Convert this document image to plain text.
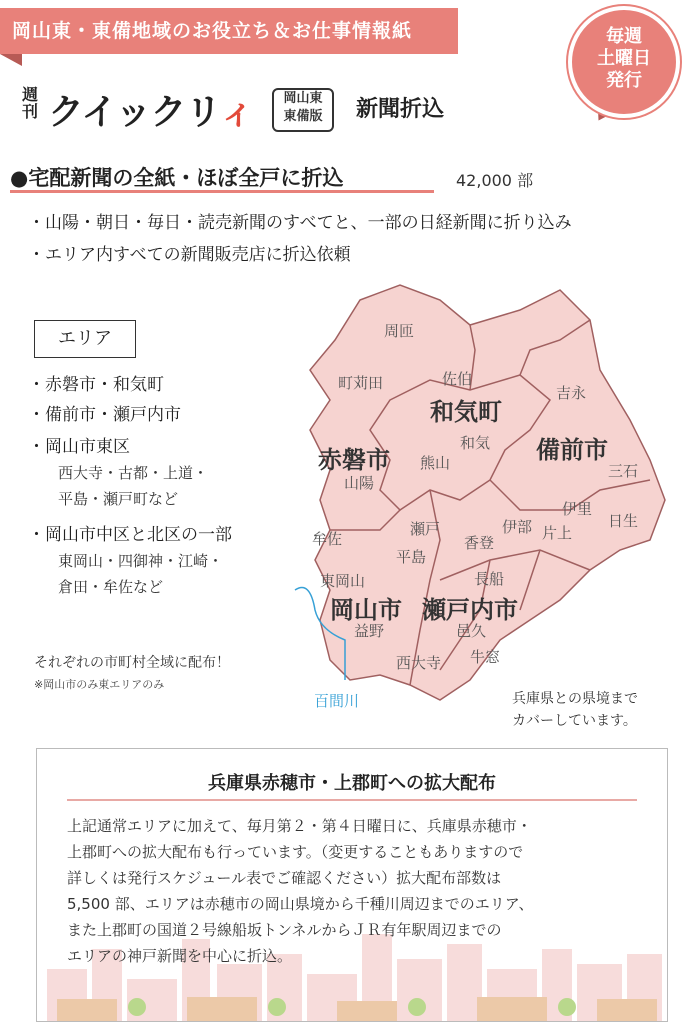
岡山東・東備地域のお役立ち＆お仕事情報紙	毎週
土曜日
発行
週刊 クイックリィ	岡山東
東備版	新聞折込
●宅配新聞の全紙・ほぼ全戸に折込	42,000 部
・山陽・朝日・毎日・読売新聞のすべてと、一部の日経新聞に折り込み
・エリア内すべての新聞販売店に折込依頼
エリア
・赤磐市・和気町
・備前市・瀬戸内市
・岡山市東区
西大寺・古都・上道・
平島・瀬戸町など
・岡山市中区と北区の一部
東岡山・四御神・江崎・
倉田・牟佐など
それぞれの市町村全域に配布！
※岡山市のみ東エリアのみ
和気町
赤磐市	備前市
岡山市 瀬戸内市
周匝
町苅田	佐伯
吉永
和気
熊山
山陽
三石
伊里
日生
片上
伊部
瀬戸
香登
牟佐
平島
長船
東岡山
益野	邑久
西大寺 牛窓
百間川	兵庫県との県境まで
カバーしています。
兵庫県赤穂市・上郡町への拡大配布
上記通常エリアに加えて、毎月第２・第４日曜日に、兵庫県赤穂市・
上郡町への拡大配布も行っています。（変更することもありますので
詳しくは発行スケジュール表でご確認ください）拡大配布部数は
5,500 部、エリアは赤穂市の岡山県境から千種川周辺までのエリア、
また上郡町の国道２号線船坂トンネルからＪＲ有年駅周辺までの
エリアの神戸新聞を中心に折込。
